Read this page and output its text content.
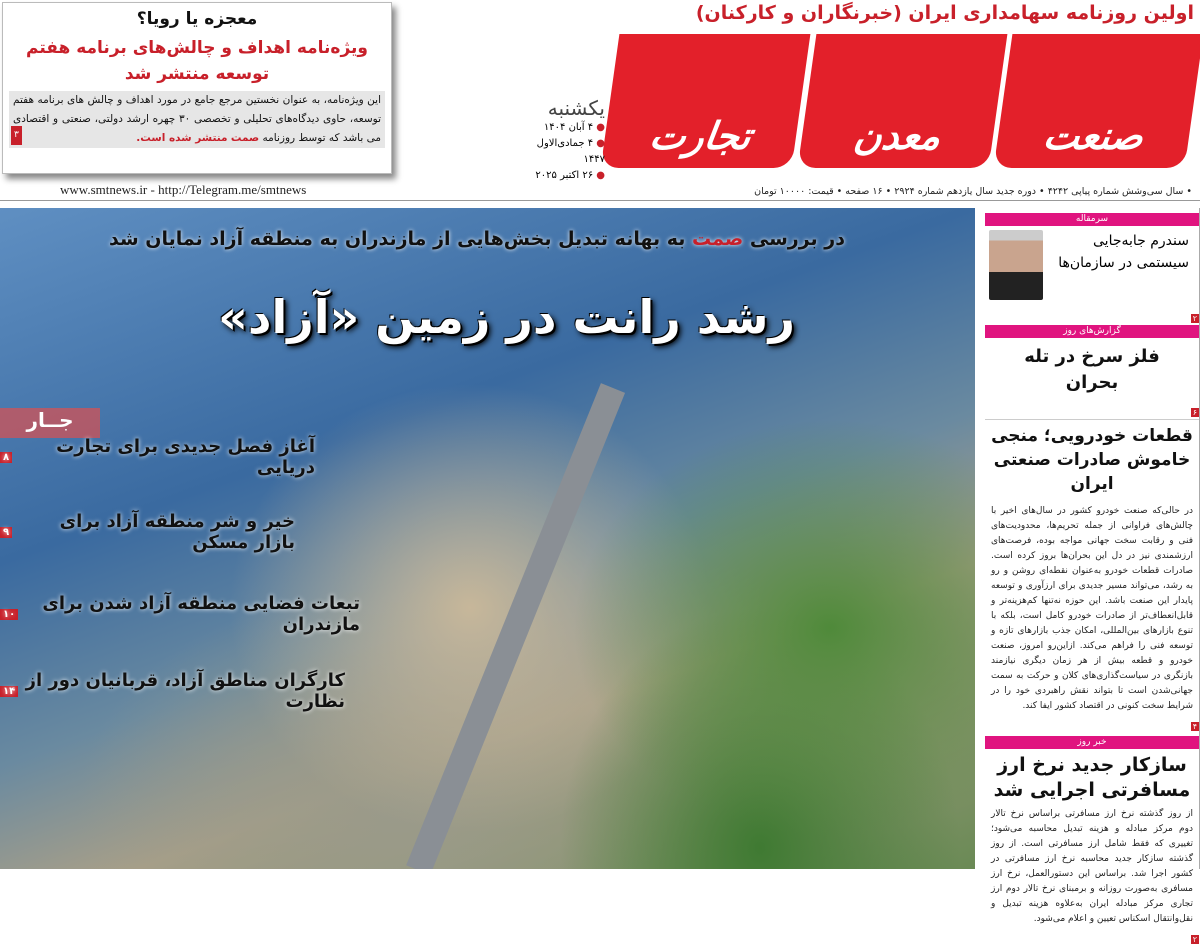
معجزه یا رویا؟
ویژه‌نامه اهداف و چالش‌های برنامه هفتم توسعه منتشر شد
این ویژه‌نامه، به عنوان نخستین مرجع جامع در مورد اهداف و چالش های برنامه هفتم توسعه، حاوی دیدگاه‌های تحلیلی و تخصصی ۳۰ چهره ارشد دولتی، صنعتی و اقتصادی می باشد که توسط روزنامه صمت منتشر شده است.
۳
www.smtnews.ir - http://Telegram.me/smtnews
اولین روزنامه سهامداری ایران (خبرنگاران و کارکنان)
صنعت
معدن
تجارت
یکشنبه
● ۴ آبان ۱۴۰۴
● ۴ جمادی‌الاول ۱۴۴۷
● ۲۶ اکتبر ۲۰۲۵
• سال سی‌وشش شماره پیاپی ۴۲۴۲ • دوره جدید سال یازدهم شماره ۲۹۲۴ • ۱۶ صفحه • قیمت: ۱۰۰۰۰ تومان
در بررسی صمت به بهانه تبدیل بخش‌هایی از مازندران به منطقه آزاد نمایان شد
رشد رانت در زمین «آزاد»
جــار
آغاز فصل جدیدی برای تجارت دریایی
۸
خیر و شر منطقه آزاد برای بازار مسکن
۹
تبعات فضایی منطقه آزاد شدن برای مازندران
۱۰
کارگران مناطق آزاد، قربانیان دور از نظارت
۱۴
سرمقاله
سندرم جابه‌جایی سیستمی در سازمان‌ها
۲
گزارش‌های روز
فلز سرخ در تله بحران
۶
قطعات خودرویی؛ منجی خاموش صادرات صنعتی ایران
در حالی‌که صنعت خودرو کشور در سال‌های اخیر با چالش‌های فراوانی از جمله تحریم‌ها، محدودیت‌های فنی و رقابت سخت جهانی مواجه بوده، فرصت‌های ارزشمندی نیز در دل این بحران‌ها بروز کرده است. صادرات قطعات خودرو به‌عنوان نقطه‌ای روشن و رو به رشد، می‌تواند مسیر جدیدی برای ارزآوری و توسعه پایدار این صنعت باشد. این حوزه نه‌تنها کم‌هزینه‌تر و قابل‌انعطاف‌تر از صادرات خودرو کامل است، بلکه با تنوع بازارهای بین‌المللی، امکان جذب بازارهای تازه و توسعه فنی را فراهم می‌کند. ازاین‌رو امروز، صنعت خودرو و قطعه بیش از هر زمان دیگری نیازمند بازنگری در سیاست‌گذاری‌های کلان و حرکت به سمت جهانی‌شدن است تا بتواند نقش راهبردی خود را در شرایط سخت کنونی در اقتصاد کشور ایفا کند.
۴
خبر روز
سازکار جدید نرخ ارز مسافرتی اجرایی شد
از روز گذشته نرخ ارز مسافرتی براساس نرخ تالار دوم مرکز مبادله و هزینه تبدیل محاسبه می‌شود؛ تغییری که فقط شامل ارز مسافرتی است. از روز گذشته سازکار جدید محاسبه نرخ ارز مسافرتی در کشور اجرا شد. براساس این دستورالعمل، نرخ ارز مسافری به‌صورت روزانه و برمبنای نرخ تالار دوم ارز تجاری مرکز مبادله ایران به‌علاوه هزینه تبدیل و نقل‌وانتقال اسکناس تعیین و اعلام می‌شود.
۲
